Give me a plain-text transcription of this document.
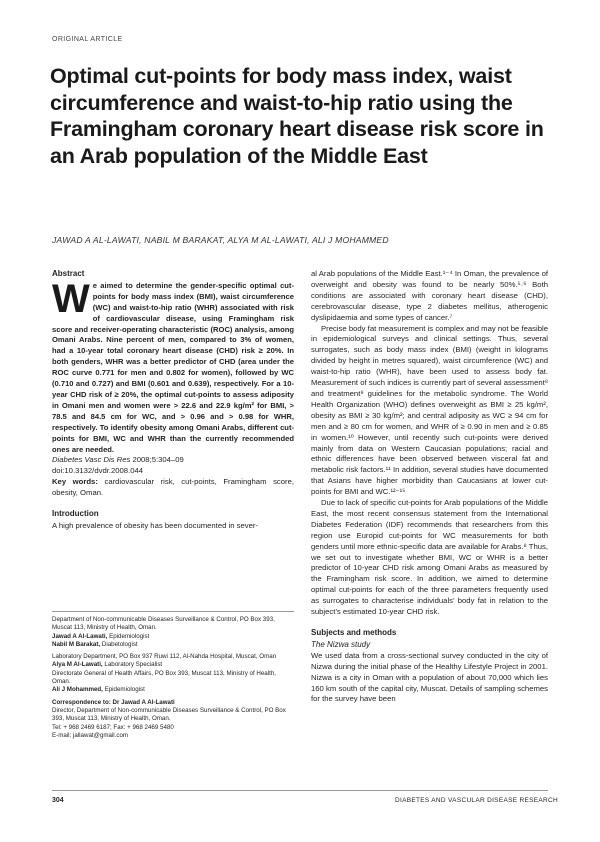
ORIGINAL ARTICLE
Optimal cut-points for body mass index, waist circumference and waist-to-hip ratio using the Framingham coronary heart disease risk score in an Arab population of the Middle East
JAWAD A AL-LAWATI, NABIL M BARAKAT, ALYA M AL-LAWATI, ALI J MOHAMMED
Abstract

We aimed to determine the gender-specific optimal cut-points for body mass index (BMI), waist circumference (WC) and waist-to-hip ratio (WHR) associated with risk of cardiovascular disease, using Framingham risk score and receiver-operating characteristic (ROC) analysis, among Omani Arabs. Nine percent of men, compared to 3% of women, had a 10-year total coronary heart disease (CHD) risk ≥ 20%. In both genders, WHR was a better predictor of CHD (area under the ROC curve 0.771 for men and 0.802 for women), followed by WC (0.710 and 0.727) and BMI (0.601 and 0.639), respectively. For a 10-year CHD risk of ≥ 20%, the optimal cut-points to assess adiposity in Omani men and women were > 22.6 and 22.9 kg/m² for BMI, > 78.5 and 84.5 cm for WC, and > 0.96 and > 0.98 for WHR, respectively. To identify obesity among Omani Arabs, different cut-points for BMI, WC and WHR than the currently recommended ones are needed.

Diabetes Vasc Dis Res 2008;5:304–09

doi:10.3132/dvdr.2008.044

Key words: cardiovascular risk, cut-points, Framingham score, obesity, Oman.

Introduction

A high prevalence of obesity has been documented in sever-

Department of Non-communicable Diseases Surveillance & Control, PO Box 393, Muscat 113, Ministry of Health, Oman.

Jawad A Al-Lawati, Epidemiologist

Nabil M Barakat, Diabetologist

Laboratory Department, PO Box 937 Ruwi 112, Al-Nahda Hospital, Muscat, Oman

Alya M Al-Lawati, Laboratory Specialist

Directorate General of Health Affairs, PO Box 393, Muscat 113, Ministry of Health, Oman.

Ali J Mohammed, Epidemiologist

Correspondence to: Dr Jawad A Al-Lawati

Director, Department of Non-communicable Diseases Surveillance & Control, PO Box 393, Muscat 113, Ministry of Health, Oman.

Tel: + 968 2469 6187; Fax: + 968 2469 5480

E-mail: jallawat@gmail.com

al Arab populations of the Middle East.¹⁻⁴ In Oman, the prevalence of overweight and obesity was found to be nearly 50%.⁵·⁶ Both conditions are associated with coronary heart disease (CHD), cerebrovascular disease, type 2 diabetes mellitus, atherogenic dyslipidaemia and some types of cancer.⁷

Precise body fat measurement is complex and may not be feasible in epidemiological surveys and clinical settings. Thus, several surrogates, such as body mass index (BMI) (weight in kilograms divided by height in metres squared), waist circumference (WC) and waist-to-hip ratio (WHR), have been used to assess body fat. Measurement of such indices is currently part of several assessment⁸ and treatment⁹ guidelines for the metabolic syndrome. The World Health Organization (WHO) defines overweight as BMI ≥ 25 kg/m², obesity as BMI ≥ 30 kg/m²; and central adiposity as WC ≥ 94 cm for men and ≥ 80 cm for women, and WHR of ≥ 0.90 in men and ≥ 0.85 in women.¹⁰ However, until recently such cut-points were derived mainly from data on Western Caucasian populations; racial and ethnic differences have been observed between visceral fat and metabolic risk factors.¹¹ In addition, several studies have documented that Asians have higher morbidity than Caucasians at lower cut-points for BMI and WC.¹²⁻¹⁵

Due to lack of specific cut-points for Arab populations of the Middle East, the most recent consensus statement from the International Diabetes Federation (IDF) recommends that researchers from this region use Europid cut-points for WC measurements for both genders until more ethnic-specific data are available for Arabs.⁸ Thus, we set out to investigate whether BMI, WC or WHR is a better predictor of 10-year CHD risk among Omani Arabs as measured by the Framingham risk score. In addition, we aimed to determine optimal cut-points for each of the three parameters frequently used as surrogates to characterise individuals’ body fat in relation to the subject’s estimated 10-year CHD risk.

Subjects and methods
The Nizwa study

We used data from a cross-sectional survey conducted in the city of Nizwa during the initial phase of the Healthy Lifestyle Project in 2001. Nizwa is a city in Oman with a population of about 70,000 which lies 160 km south of the capital city, Muscat. Details of sampling schemes for the survey have been

304	DIABETES AND VASCULAR DISEASE RESEARCH
